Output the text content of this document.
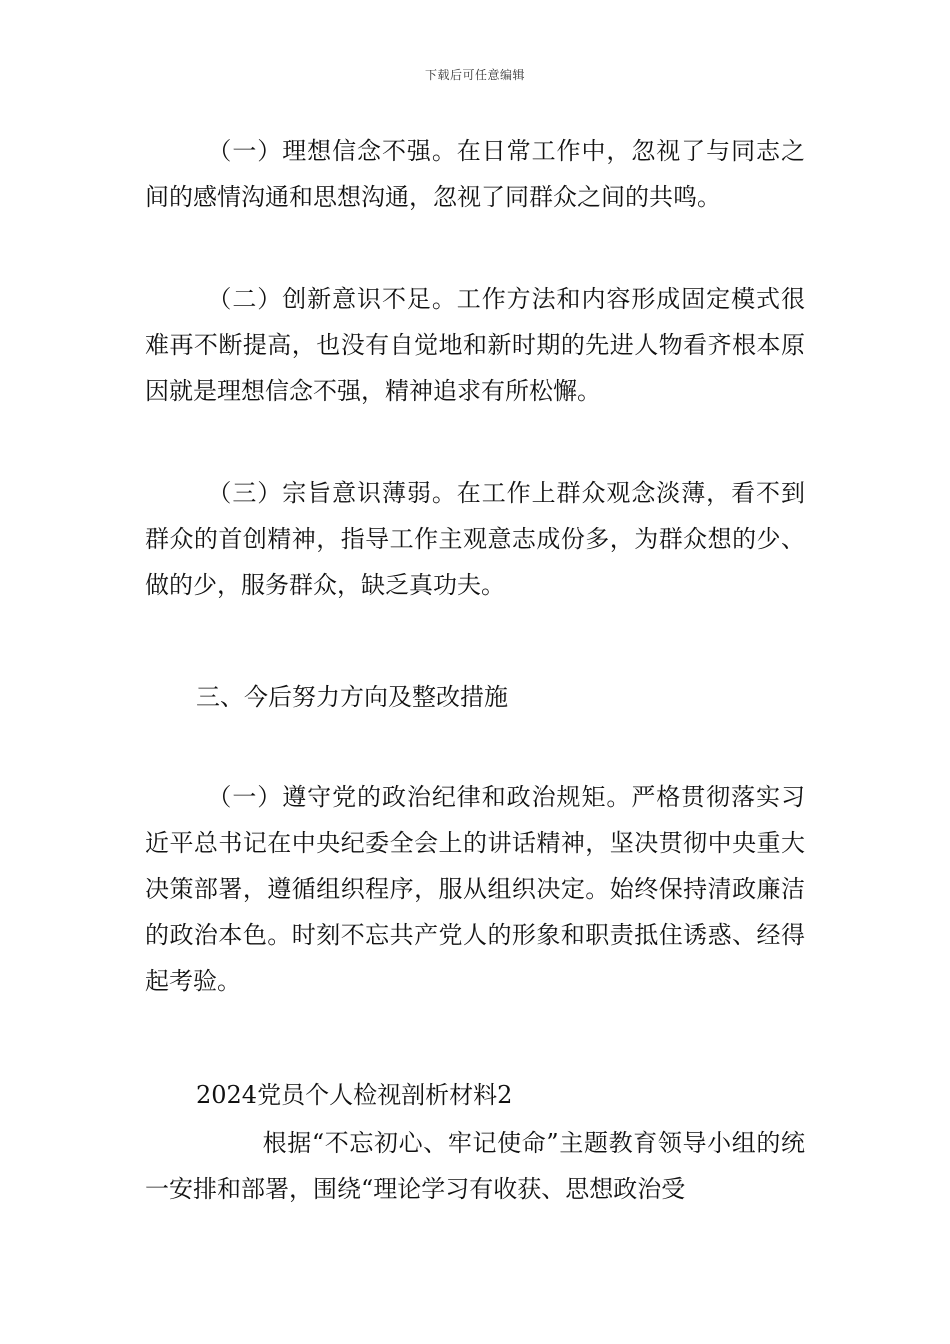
下载后可任意编辑

（一）理想信念不强。在日常工作中，忽视了与同志之间的感情沟通和思想沟通，忽视了同群众之间的共鸣。

（二）创新意识不足。工作方法和内容形成固定模式很难再不断提高，也没有自觉地和新时期的先进人物看齐根本原因就是理想信念不强，精神追求有所松懈。

（三）宗旨意识薄弱。在工作上群众观念淡薄，看不到群众的首创精神，指导工作主观意志成份多，为群众想的少、做的少，服务群众，缺乏真功夫。

三、今后努力方向及整改措施

（一）遵守党的政治纪律和政治规矩。严格贯彻落实习近平总书记在中央纪委全会上的讲话精神，坚决贯彻中央重大决策部署，遵循组织程序，服从组织决定。始终保持清政廉洁的政治本色。时刻不忘共产党人的形象和职责抵住诱惑、经得起考验。

2024党员个人检视剖析材料2

根据“不忘初心、牢记使命”主题教育领导小组的统一安排和部署，围绕“理论学习有收获、思想政治受
